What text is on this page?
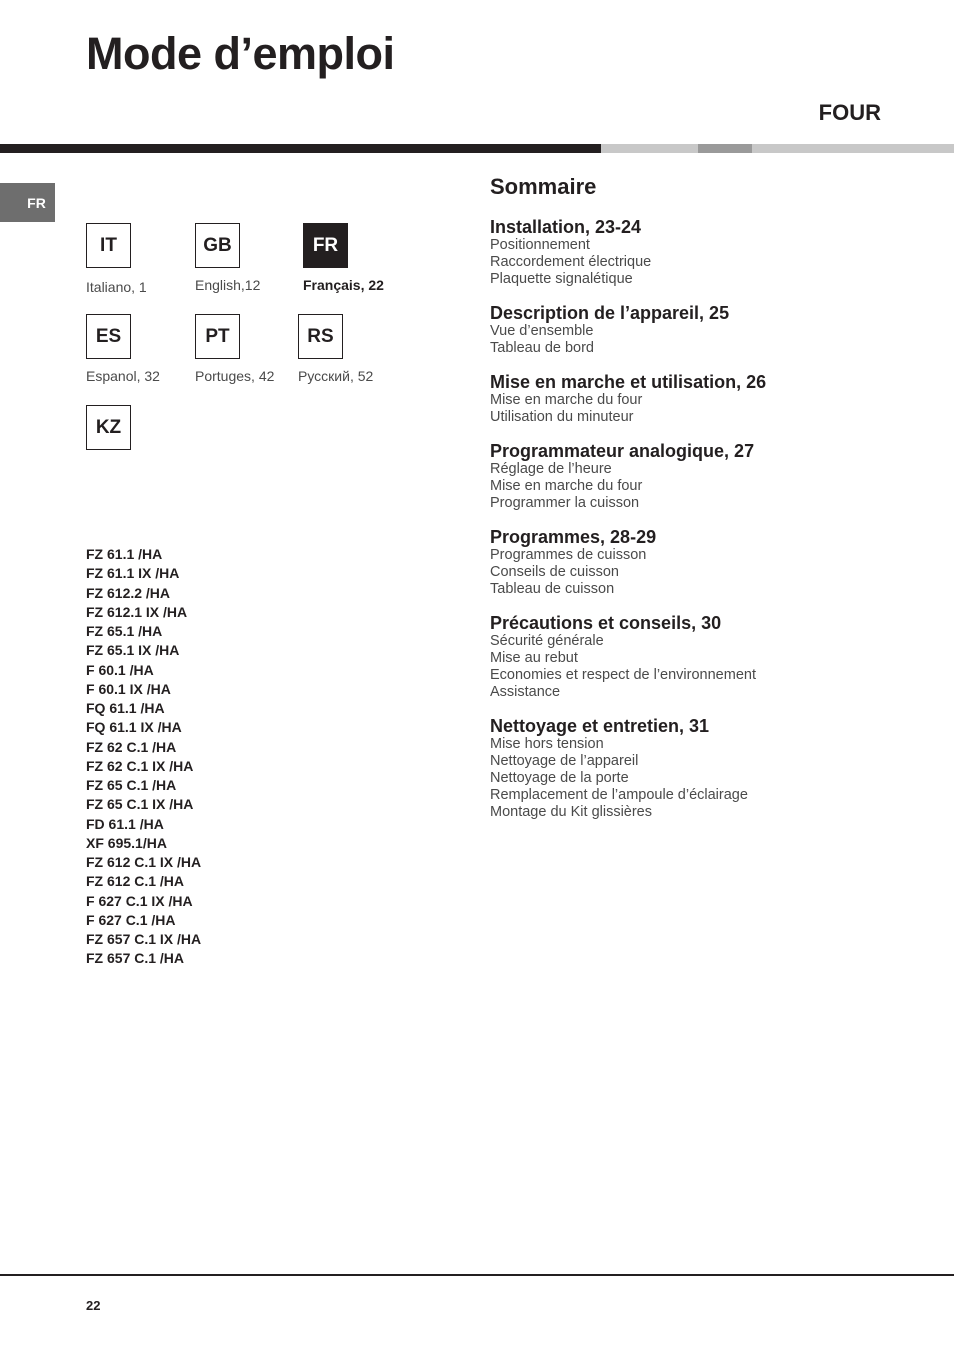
Mode d’emploi
FOUR
FR
IT
Italiano, 1
GB
English,12
FR
Français, 22
ES
Espanol, 32
PT
Portuges, 42
RS
Русский, 52
KZ
FZ 61.1 /HA
FZ 61.1 IX /HA
FZ 612.2 /HA
FZ 612.1 IX /HA
FZ 65.1 /HA
FZ 65.1 IX /HA
F 60.1 /HA
F 60.1 IX /HA
FQ 61.1 /HA
FQ 61.1 IX /HA
FZ 62 C.1 /HA
FZ 62 C.1 IX /HA
FZ 65 C.1 /HA
FZ 65 C.1 IX /HA
FD 61.1 /HA
XF 695.1/HA
FZ 612 C.1 IX /HA
FZ 612 C.1 /HA
F 627 C.1 IX /HA
F 627 C.1 /HA
FZ 657 C.1 IX /HA
FZ 657 C.1 /HA
Sommaire
Installation, 23-24
Positionnement
Raccordement électrique
Plaquette signalétique
Description de l’appareil, 25
Vue d’ensemble
Tableau de bord
Mise en marche et utilisation, 26
Mise en marche du four
Utilisation du minuteur
Programmateur analogique, 27
Réglage de l’heure
Mise en marche du four
Programmer la cuisson
Programmes, 28-29
Programmes de cuisson
Conseils de cuisson
Tableau de cuisson
Précautions et conseils, 30
Sécurité générale
Mise au rebut
Economies et respect de l’environnement
Assistance
Nettoyage et entretien, 31
Mise hors tension
Nettoyage de l’appareil
Nettoyage de la porte
Remplacement de l’ampoule d’éclairage
Montage du Kit glissières
22
